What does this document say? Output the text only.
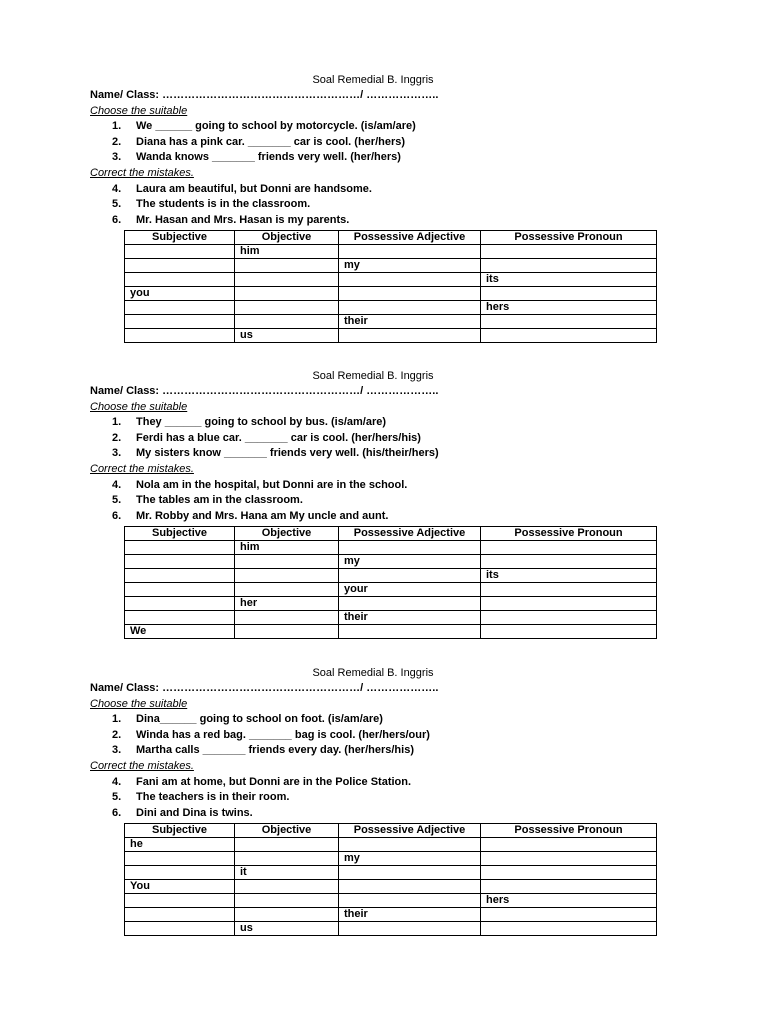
Soal Remedial B. Inggris
Name/ Class: ………………………………………………/ ………………..
Choose the suitable
1.	We ______ going to school by motorcycle. (is/am/are)
2.	Diana has a pink car. _______ car is cool. (her/hers)
3.	Wanda knows _______ friends very well. (her/hers)
Correct the mistakes.
4.	Laura am beautiful, but Donni are handsome.
5.	The students is in the classroom.
6.	Mr. Hasan and Mrs. Hasan is my parents.
Subjective	Objective	Possessive Adjective	Possessive Pronoun
	him		
		my	
			its
you			
			hers
		their	
	us		
Soal Remedial B. Inggris
Name/ Class: ………………………………………………/ ………………..
Choose the suitable
1.	They ______ going to school by bus. (is/am/are)
2.	Ferdi has a blue car. _______ car is cool. (her/hers/his)
3.	My sisters know _______ friends very well. (his/their/hers)
Correct the mistakes.
4.	Nola am in the hospital, but Donni are in the school.
5.	The tables am in the classroom.
6.	Mr. Robby and Mrs. Hana am My uncle and aunt.
Subjective	Objective	Possessive Adjective	Possessive Pronoun
	him		
		my	
			its
		your	
	her		
		their	
We			
Soal Remedial B. Inggris
Name/ Class: ………………………………………………/ ………………..
Choose the suitable
1.	Dina______ going to school on foot. (is/am/are)
2.	Winda has a red bag. _______ bag is cool. (her/hers/our)
3.	Martha calls _______ friends every day. (her/hers/his)
Correct the mistakes.
4.	Fani am at home, but Donni are in the Police Station.
5.	The teachers is in their room.
6.	Dini and Dina is twins.
Subjective	Objective	Possessive Adjective	Possessive Pronoun
he			
		my	
	it		
You			
			hers
		their	
	us		
